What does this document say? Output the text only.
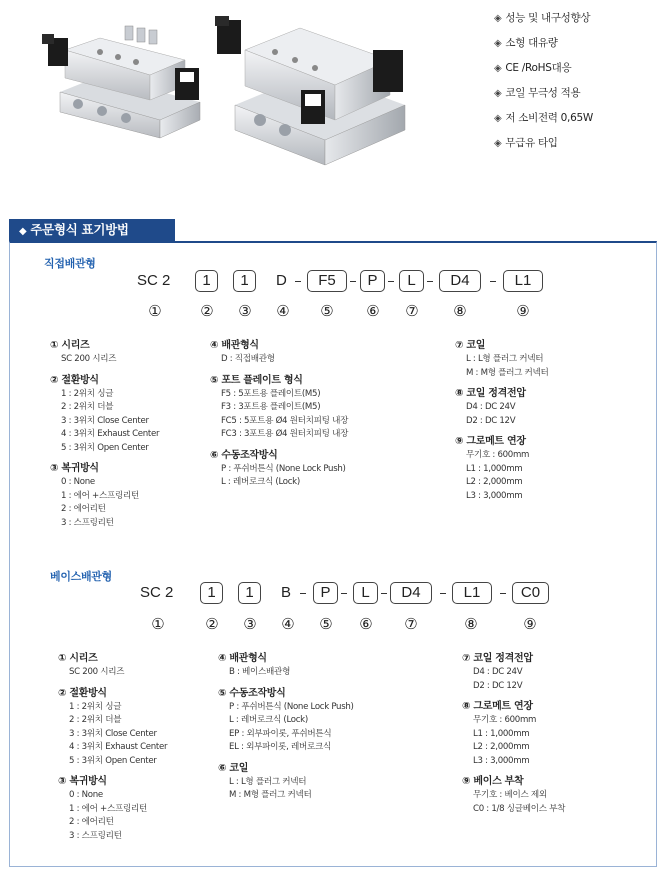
◈ 성능 및 내구성향상
◈ 소형 대유량
◈ CE /RoHS대응
◈ 코일 무극성 적용
◈ 저 소비전력 0,65W
◈ 무급유 타입
◆ 주문형식 표기방법
직접배관형
SC 2	1	1	D	F5	P	L	D4	L1
①	② ③ ④ ⑤ ⑥ ⑦ ⑧	⑨
① 시리즈

SC 200 시리즈

② 절환방식

1 : 2위치 싱글

2 : 2위치 더블

3 : 3위치 Close Center

4 : 3위치 Exhaust Center

5 : 3위치 Open Center

③ 복귀방식

0 : None

1 : 에어 +스프링리턴

2 : 에어리턴

3 : 스프링리턴

④ 배관형식

D : 직접배관형

⑤ 포트 플레이트 형식

F5 : 5포트용 플레이트(M5)

F3 : 3포트용 플레이트(M5)

FC5 : 5포트용 Ø4 원터치피팅 내장

FC3 : 3포트용 Ø4 원터치피팅 내장

⑥ 수동조작방식

P : 푸쉬버튼식 (None Lock Push)

L : 레버로크식 (Lock)

⑦ 코일

L : L형 플러그 커넥터

M : M형 플러그 커넥터

⑧ 코일 정격전압

D4 : DC 24V

D2 : DC 12V

⑨ 그로메트 연장

무기호 : 600mm

L1 : 1,000mm

L2 : 2,000mm

L3 : 3,000mm

베이스배관형
SC 2	1	1	B	P	L	D4	L1	C0
①	② ③ ④ ⑤ ⑥ ⑦	⑧	⑨
① 시리즈

SC 200 시리즈

② 절환방식

1 : 2위치 싱글

2 : 2위치 더블

3 : 3위치 Close Center

4 : 3위치 Exhaust Center

5 : 3위치 Open Center

③ 복귀방식

0 : None

1 : 에어 +스프링리턴

2 : 에어리턴

3 : 스프링리턴

④ 배관형식

B : 베이스배관형

⑤ 수동조작방식

P : 푸쉬버튼식 (None Lock Push)

L : 레버로크식 (Lock)

EP : 외부파이롯, 푸쉬버튼식

EL : 외부파이롯, 레버로크식

⑥ 코일

L : L형 플러그 커넥터

M : M형 플러그 커넥터

⑦ 코일 정격전압

D4 : DC 24V

D2 : DC 12V

⑧ 그로메트 연장

무기호 : 600mm

L1 : 1,000mm

L2 : 2,000mm

L3 : 3,000mm

⑨ 베이스 부착

무기호 : 베이스 제외

C0 : 1/8 싱글베이스 부착
